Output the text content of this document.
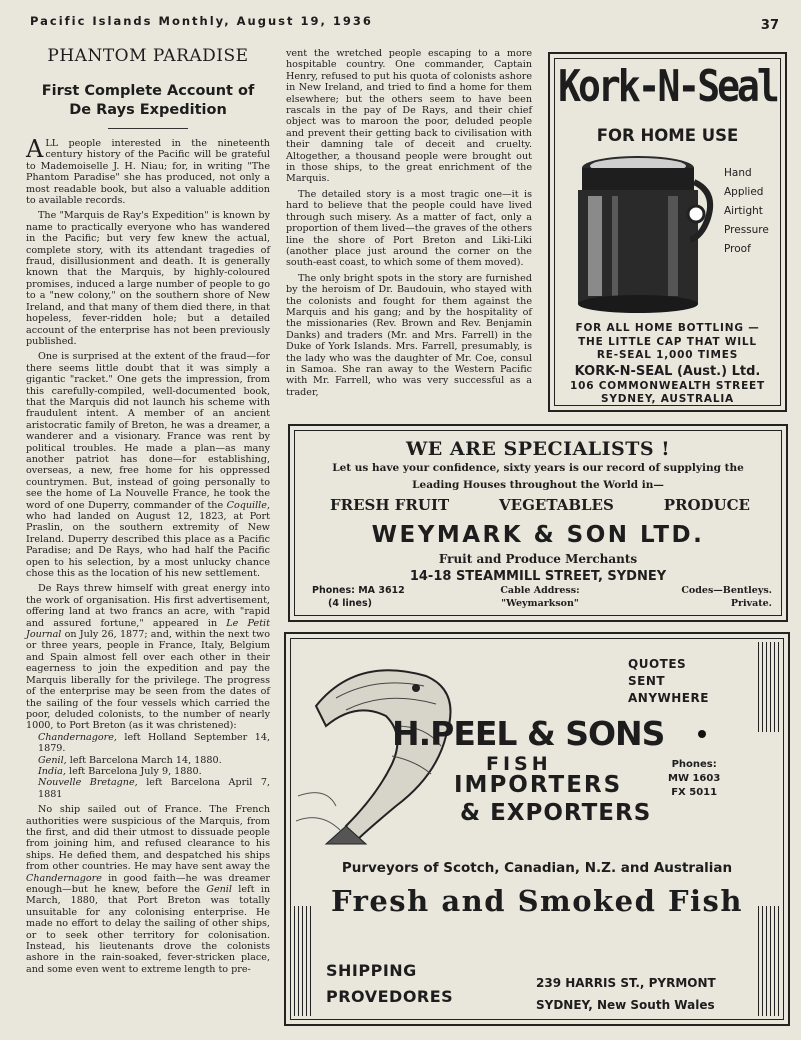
Pacific Islands Monthly, August 19, 1936	37
PHANTOM PARADISE
First Complete Account of
De Rays Expedition

ALL people interested in the nineteenth century history of the Pacific will be grateful to Mademoiselle J. H. Niau; for, in writing "The Phantom Paradise" she has produced, not only a most readable book, but also a valuable addition to available records.

The "Marquis de Ray's Expedition" is known by name to practically everyone who has wandered in the Pacific; but very few knew the actual, complete story, with its attendant tragedies of fraud, disillusionment and death. It is generally known that the Marquis, by highly-coloured promises, induced a large number of people to go to a "new colony," on the southern shore of New Ireland, and that many of them died there, in that hopeless, fever-ridden hole; but a detailed account of the enterprise has not been previously published.

One is surprised at the extent of the fraud—for there seems little doubt that it was simply a gigantic "racket." One gets the impression, from this carefully-compiled, well-documented book, that the Marquis did not launch his scheme with fraudulent intent. A member of an ancient aristocratic family of Breton, he was a dreamer, a wanderer and a visionary. France was rent by political troubles. He made a plan—as many another patriot has done—for establishing, overseas, a new, free home for his oppressed countrymen. But, instead of going personally to see the home of La Nouvelle France, he took the word of one Duperry, commander of the Coquille, who had landed on August 12, 1823, at Port Praslin, on the southern extremity of New Ireland. Duperry described this place as a Pacific Paradise; and De Rays, who had half the Pacific open to his selection, by a most unlucky chance chose this as the location of his new settlement.

De Rays threw himself with great energy into the work of organisation. His first advertisement, offering land at two francs an acre, with "rapid and assured fortune," appeared in Le Petit Journal on July 26, 1877; and, within the next two or three years, people in France, Italy, Belgium and Spain almost fell over each other in their eagerness to join the expedition and pay the Marquis liberally for the privilege. The progress of the enterprise may be seen from the dates of the sailing of the four vessels which carried the poor, deluded colonists, to the number of nearly 1000, to Port Breton (as it was christened):

Chandernagore, left Holland September 14, 1879.

Genil, left Barcelona March 14, 1880.

India, left Barcelona July 9, 1880.

Nouvelle Bretagne, left Barcelona April 7, 1881

No ship sailed out of France. The French authorities were suspicious of the Marquis, from the first, and did their utmost to dissuade people from joining him, and refused clearance to his ships. He defied them, and despatched his ships from other countries. He may have sent away the Chandernagore in good faith—he was dreamer enough—but he knew, before the Genil left in March, 1880, that Port Breton was totally unsuitable for any colonising enterprise. He made no effort to delay the sailing of other ships, or to seek other territory for colonisation. Instead, his lieutenants drove the colonists ashore in the rain-soaked, fever-stricken place, and some even went to extreme length to pre-

vent the wretched people escaping to a more hospitable country. One commander, Captain Henry, refused to put his quota of colonists ashore in New Ireland, and tried to find a home for them elsewhere; but the others seem to have been rascals in the pay of De Rays, and their chief object was to maroon the poor, deluded people and prevent their getting back to civilisation with their damning tale of deceit and cruelty. Altogether, a thousand people were brought out in those ships, to the great enrichment of the Marquis.

The detailed story is a most tragic one—it is hard to believe that the people could have lived through such misery. As a matter of fact, only a proportion of them lived—the graves of the others line the shore of Port Breton and Liki-Liki (another place just around the corner on the south-east coast, to which some of them moved).

The only bright spots in the story are furnished by the heroism of Dr. Baudouin, who stayed with the colonists and fought for them against the Marquis and his gang; and by the hospitality of the missionaries (Rev. Brown and Rev. Benjamin Danks) and traders (Mr. and Mrs. Farrell) in the Duke of York Islands. Mrs. Farrell, presumably, is the lady who was the daughter of Mr. Coe, consul in Samoa. She ran away to the Western Pacific with Mr. Farrell, who was very successful as a trader,

Kork-N-Seal
FOR HOME USE
Hand
Applied
Airtight
Pressure
Proof
FOR ALL HOME BOTTLING —
THE LITTLE CAP THAT WILL
RE-SEAL 1,000 TIMES
KORK-N-SEAL (Aust.) Ltd.
106 COMMONWEALTH STREET
SYDNEY, AUSTRALIA
WE ARE SPECIALISTS !
Let us have your confidence, sixty years is our record of supplying the
Leading Houses throughout the World in—
FRESH FRUIT	VEGETABLES	PRODUCE
WEYMARK & SON LTD.
Fruit and Produce Merchants
14-18 STEAMMILL STREET, SYDNEY
Phones: MA 3612
(4 lines)
Cable Address:
"Weymarkson"
Codes—Bentleys.
Private.
QUOTES
SENT
ANYWHERE
H.PEEL & SONS
FISH
IMPORTERS
& EXPORTERS
Phones:
MW 1603
FX 5011
Purveyors of Scotch, Canadian, N.Z. and Australian
Fresh and Smoked Fish
SHIPPING
PROVEDORES
239 HARRIS ST., PYRMONT
SYDNEY, New South Wales
